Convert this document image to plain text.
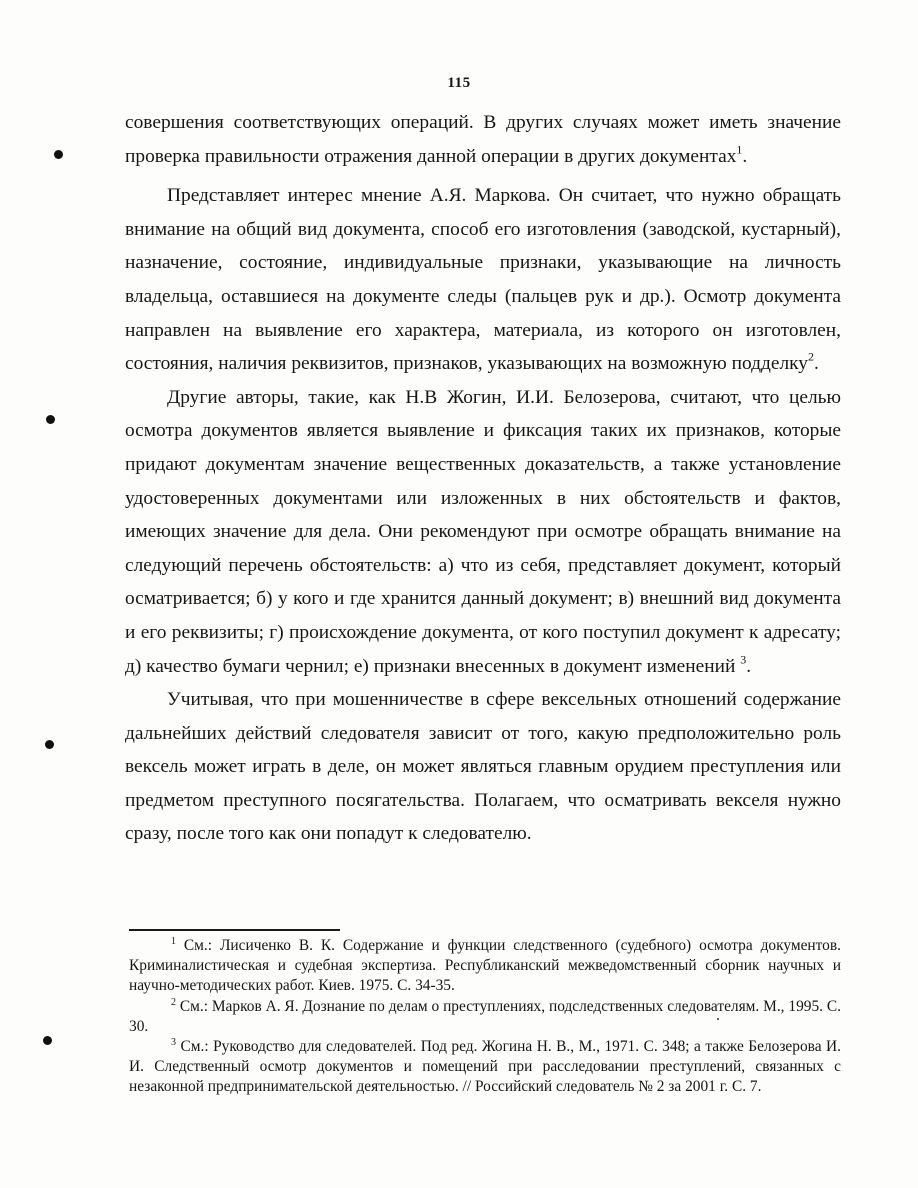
115

совершения соответствующих операций. В других случаях может иметь значение проверка правильности отражения данной операции в других документах$^1$.

Представляет интерес мнение А.Я. Маркова. Он считает, что нужно обращать внимание на общий вид документа, способ его изготовления (заводской, кустарный), назначение, состояние, индивидуальные признаки, указывающие на личность владельца, оставшиеся на документе следы (пальцев рук и др.). Осмотр документа направлен на выявление его характера, материала, из которого он изготовлен, состояния, наличия реквизитов, признаков, указывающих на возможную подделку$^2$.

Другие авторы, такие, как Н.В Жогин, И.И. Белозерова, считают, что целью осмотра документов является выявление и фиксация таких их признаков, которые придают документам значение вещественных доказательств, а также установление удостоверенных документами или изложенных в них обстоятельств и фактов, имеющих значение для дела. Они рекомендуют при осмотре обращать внимание на следующий перечень обстоятельств: а) что из себя, представляет документ, который осматривается; б) у кого и где хранится данный документ; в) внешний вид документа и его реквизиты; г) происхождение документа, от кого поступил документ к адресату; д) качество бумаги чернил; е) признаки внесенных в документ изменений $^3$.

Учитывая, что при мошенничестве в сфере вексельных отношений содержание дальнейших действий следователя зависит от того, какую предположительно роль вексель может играть в деле, он может являться главным орудием преступления или предметом преступного посягательства. Полагаем, что осматривать векселя нужно сразу, после того как они попадут к следователю.

$^1$ См.: Лисиченко В. К. Содержание и функции следственного (судебного) осмотра документов. Криминалистическая и судебная экспертиза. Республиканский межведомственный сборник научных и научно-методических работ. Киев. 1975. С. 34-35.

$^2$ См.: Марков А. Я. Дознание по делам о преступлениях, подследственных следователям. М., 1995. С. 30.

$^3$ См.: Руководство для следователей. Под ред. Жогина Н. В., М., 1971. С. 348; а также Белозерова И. И. Следственный осмотр документов и помещений при расследовании преступлений, связанных с незаконной предпринимательской деятельностью. // Российский следователь № 2 за 2001 г. С. 7.
